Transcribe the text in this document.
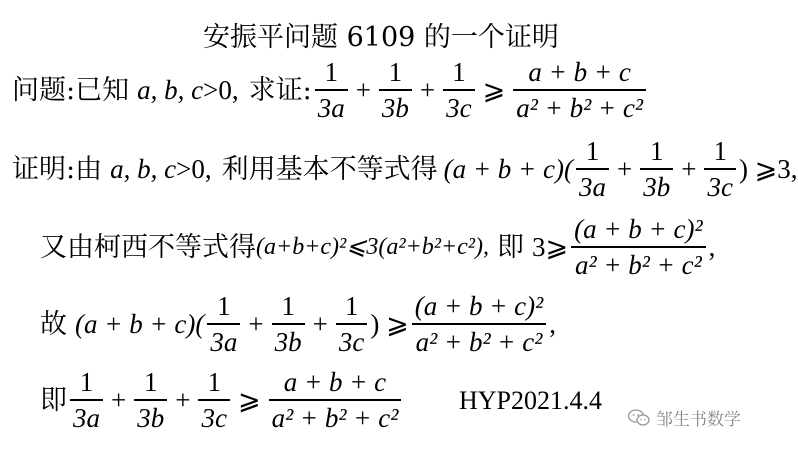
安振平问题 6109 的一个证明
问题:已知 a, b, c >0, 求证: $\frac{1}{3a} + \frac{1}{3b} + \frac{1}{3c}$ ⩾ $\frac{a + b + c}{\text{a² + b² + c²}}$
证明:由 a, b, c >0, 利用基本不等式得 $(a + b + c)( \frac{1}{3a} + \frac{1}{3b} + \frac{1}{3c}$ ) ⩾3,
又由柯西不等式得 (a+b+c)²⩽3(a²+b²+c²), 即 3⩾ $\frac{\text{(a + b + c)²}}{\text{a² + b² + c²}}$ ,
故 $(a + b + c)( \frac{1}{3a} + \frac{1}{3b} + \frac{1}{3c}$ ) ⩾ $\frac{\text{(a + b + c)²}}{\text{a² + b² + c²}}$ ,
即 $\frac{1}{3a} + \frac{1}{3b} + \frac{1}{3c}$ ⩾ $\frac{a + b + c}{\text{a² + b² + c²}} HYP2021.4.4$
邹生书数学
